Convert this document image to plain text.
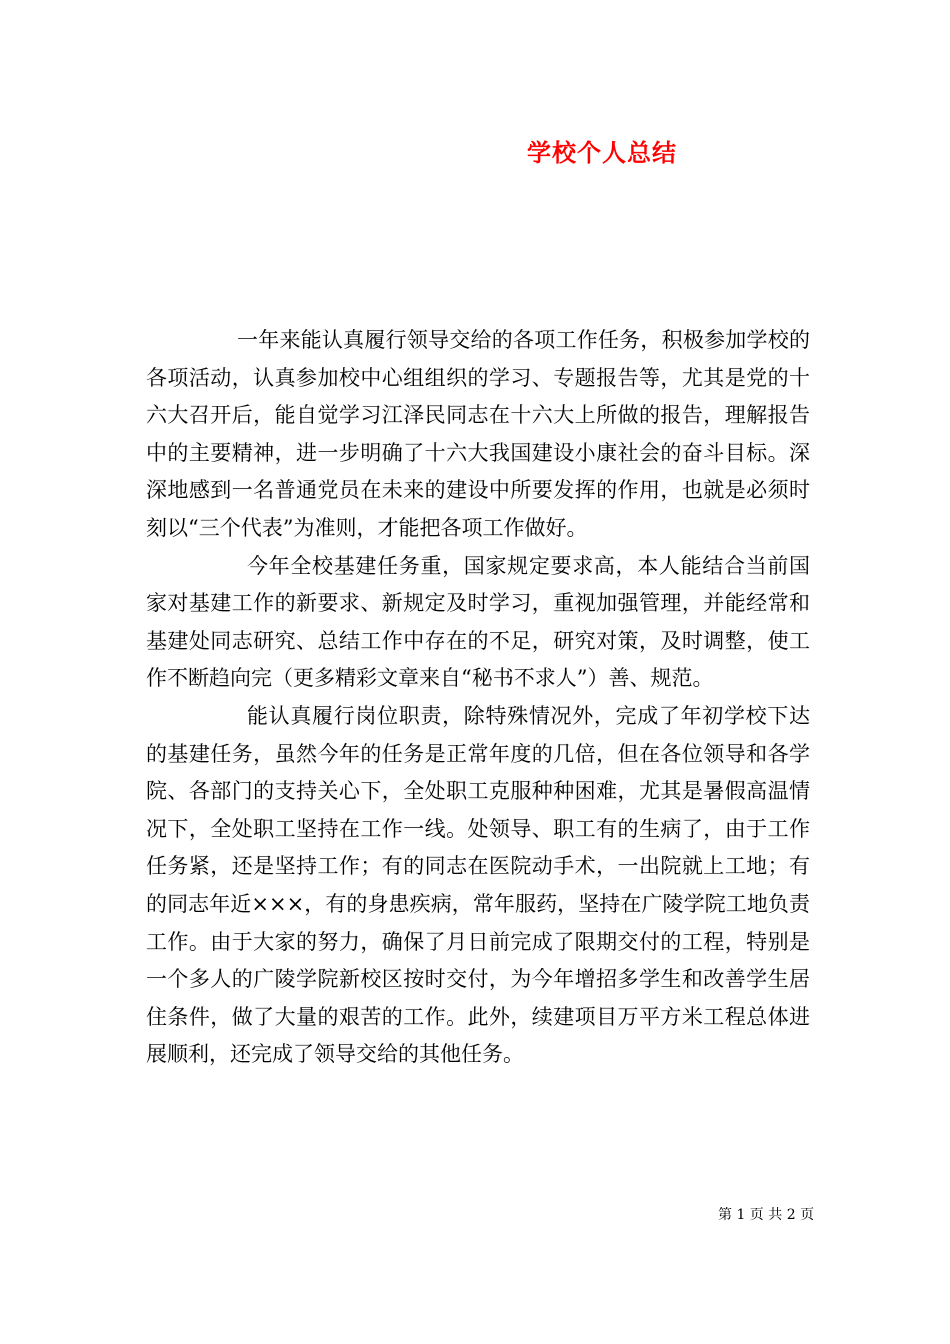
学校个人总结

一年来能认真履行领导交给的各项工作任务，积极参加学校的各项活动，认真参加校中心组组织的学习、专题报告等，尤其是党的十六大召开后，能自觉学习江泽民同志在十六大上所做的报告，理解报告中的主要精神，进一步明确了十六大我国建设小康社会的奋斗目标。深深地感到一名普通党员在未来的建设中所要发挥的作用，也就是必须时刻以“三个代表”为准则，才能把各项工作做好。

今年全校基建任务重，国家规定要求高，本人能结合当前国家对基建工作的新要求、新规定及时学习，重视加强管理，并能经常和基建处同志研究、总结工作中存在的不足，研究对策，及时调整，使工作不断趋向完（更多精彩文章来自“秘书不求人”）善、规范。

能认真履行岗位职责，除特殊情况外，完成了年初学校下达的基建任务，虽然今年的任务是正常年度的几倍，但在各位领导和各学院、各部门的支持关心下，全处职工克服种种困难，尤其是暑假高温情况下，全处职工坚持在工作一线。处领导、职工有的生病了，由于工作任务紧，还是坚持工作；有的同志在医院动手术，一出院就上工地；有的同志年近×××，有的身患疾病，常年服药，坚持在广陵学院工地负责工作。由于大家的努力，确保了月日前完成了限期交付的工程，特别是一个多人的广陵学院新校区按时交付，为今年增招多学生和改善学生居住条件，做了大量的艰苦的工作。此外，续建项目万平方米工程总体进展顺利，还完成了领导交给的其他任务。

第 1 页 共 2 页
